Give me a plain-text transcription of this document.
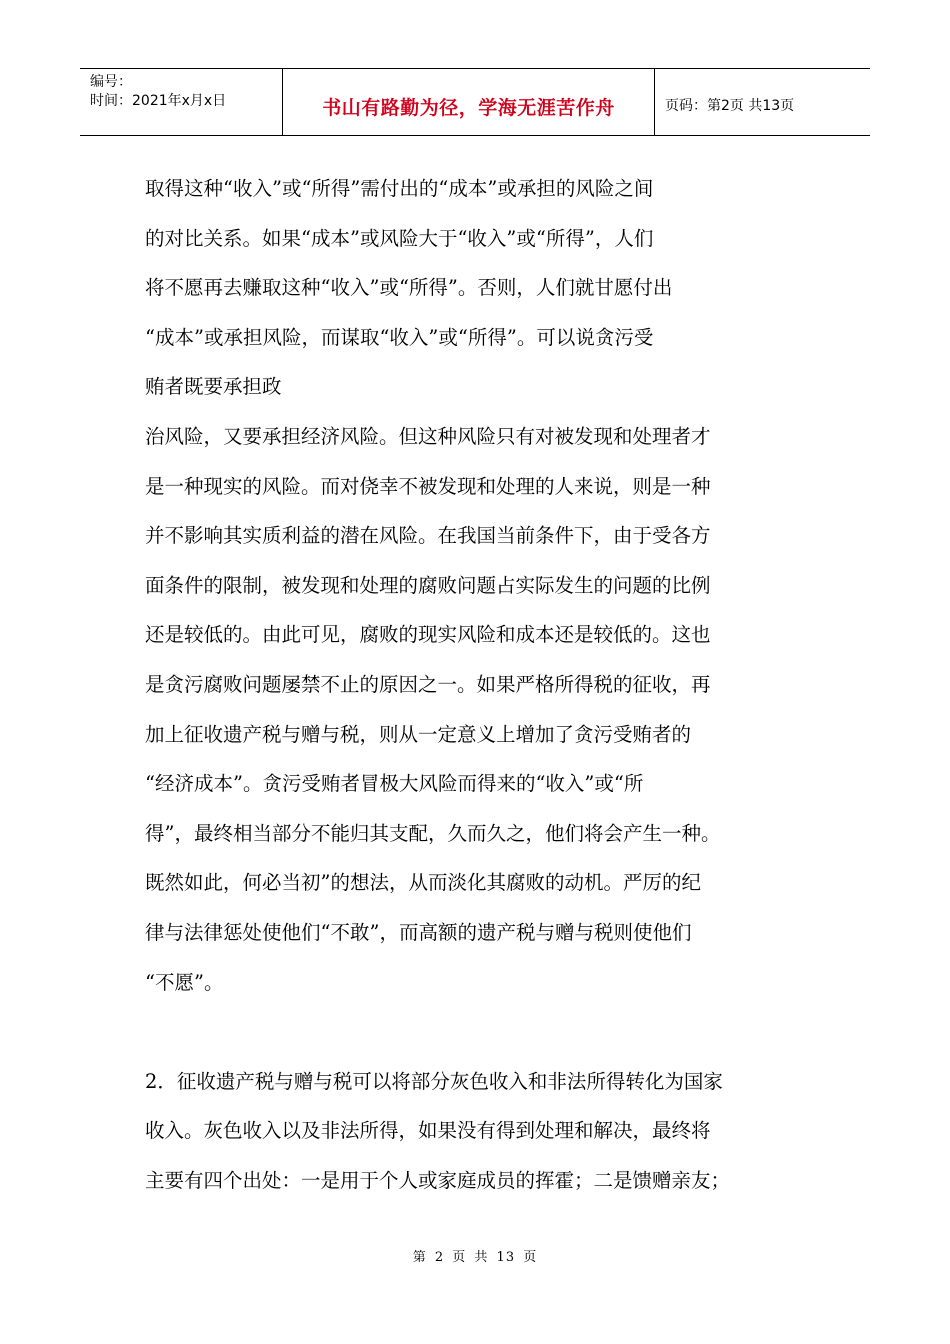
编号：
时间：2021年x月x日	书山有路勤为径，学海无涯苦作舟	页码：第2页 共13页
取得这种“收入”或“所得”需付出的“成本”或承担的风险之间
的对比关系。如果“成本”或风险大于“收入”或“所得”，人们
将不愿再去赚取这种“收入”或“所得”。否则，人们就甘愿付出
“成本”或承担风险，而谋取“收入”或“所得”。可以说贪污受
贿者既要承担政
治风险，又要承担经济风险。但这种风险只有对被发现和处理者才
是一种现实的风险。而对侥幸不被发现和处理的人来说，则是一种
并不影响其实质利益的潜在风险。在我国当前条件下，由于受各方
面条件的限制，被发现和处理的腐败问题占实际发生的问题的比例
还是较低的。由此可见，腐败的现实风险和成本还是较低的。这也
是贪污腐败问题屡禁不止的原因之一。如果严格所得税的征收，再
加上征收遗产税与赠与税，则从一定意义上增加了贪污受贿者的
“经济成本”。贪污受贿者冒极大风险而得来的“收入”或“所
得”，最终相当部分不能归其支配，久而久之，他们将会产生一种。
既然如此，何必当初”的想法，从而淡化其腐败的动机。严厉的纪
律与法律惩处使他们“不敢”，而高额的遗产税与赠与税则使他们
“不愿”。
2．征收遗产税与赠与税可以将部分灰色收入和非法所得转化为国家
收入。灰色收入以及非法所得，如果没有得到处理和解决，最终将
主要有四个出处：一是用于个人或家庭成员的挥霍；二是馈赠亲友；
第 2 页 共 13 页
